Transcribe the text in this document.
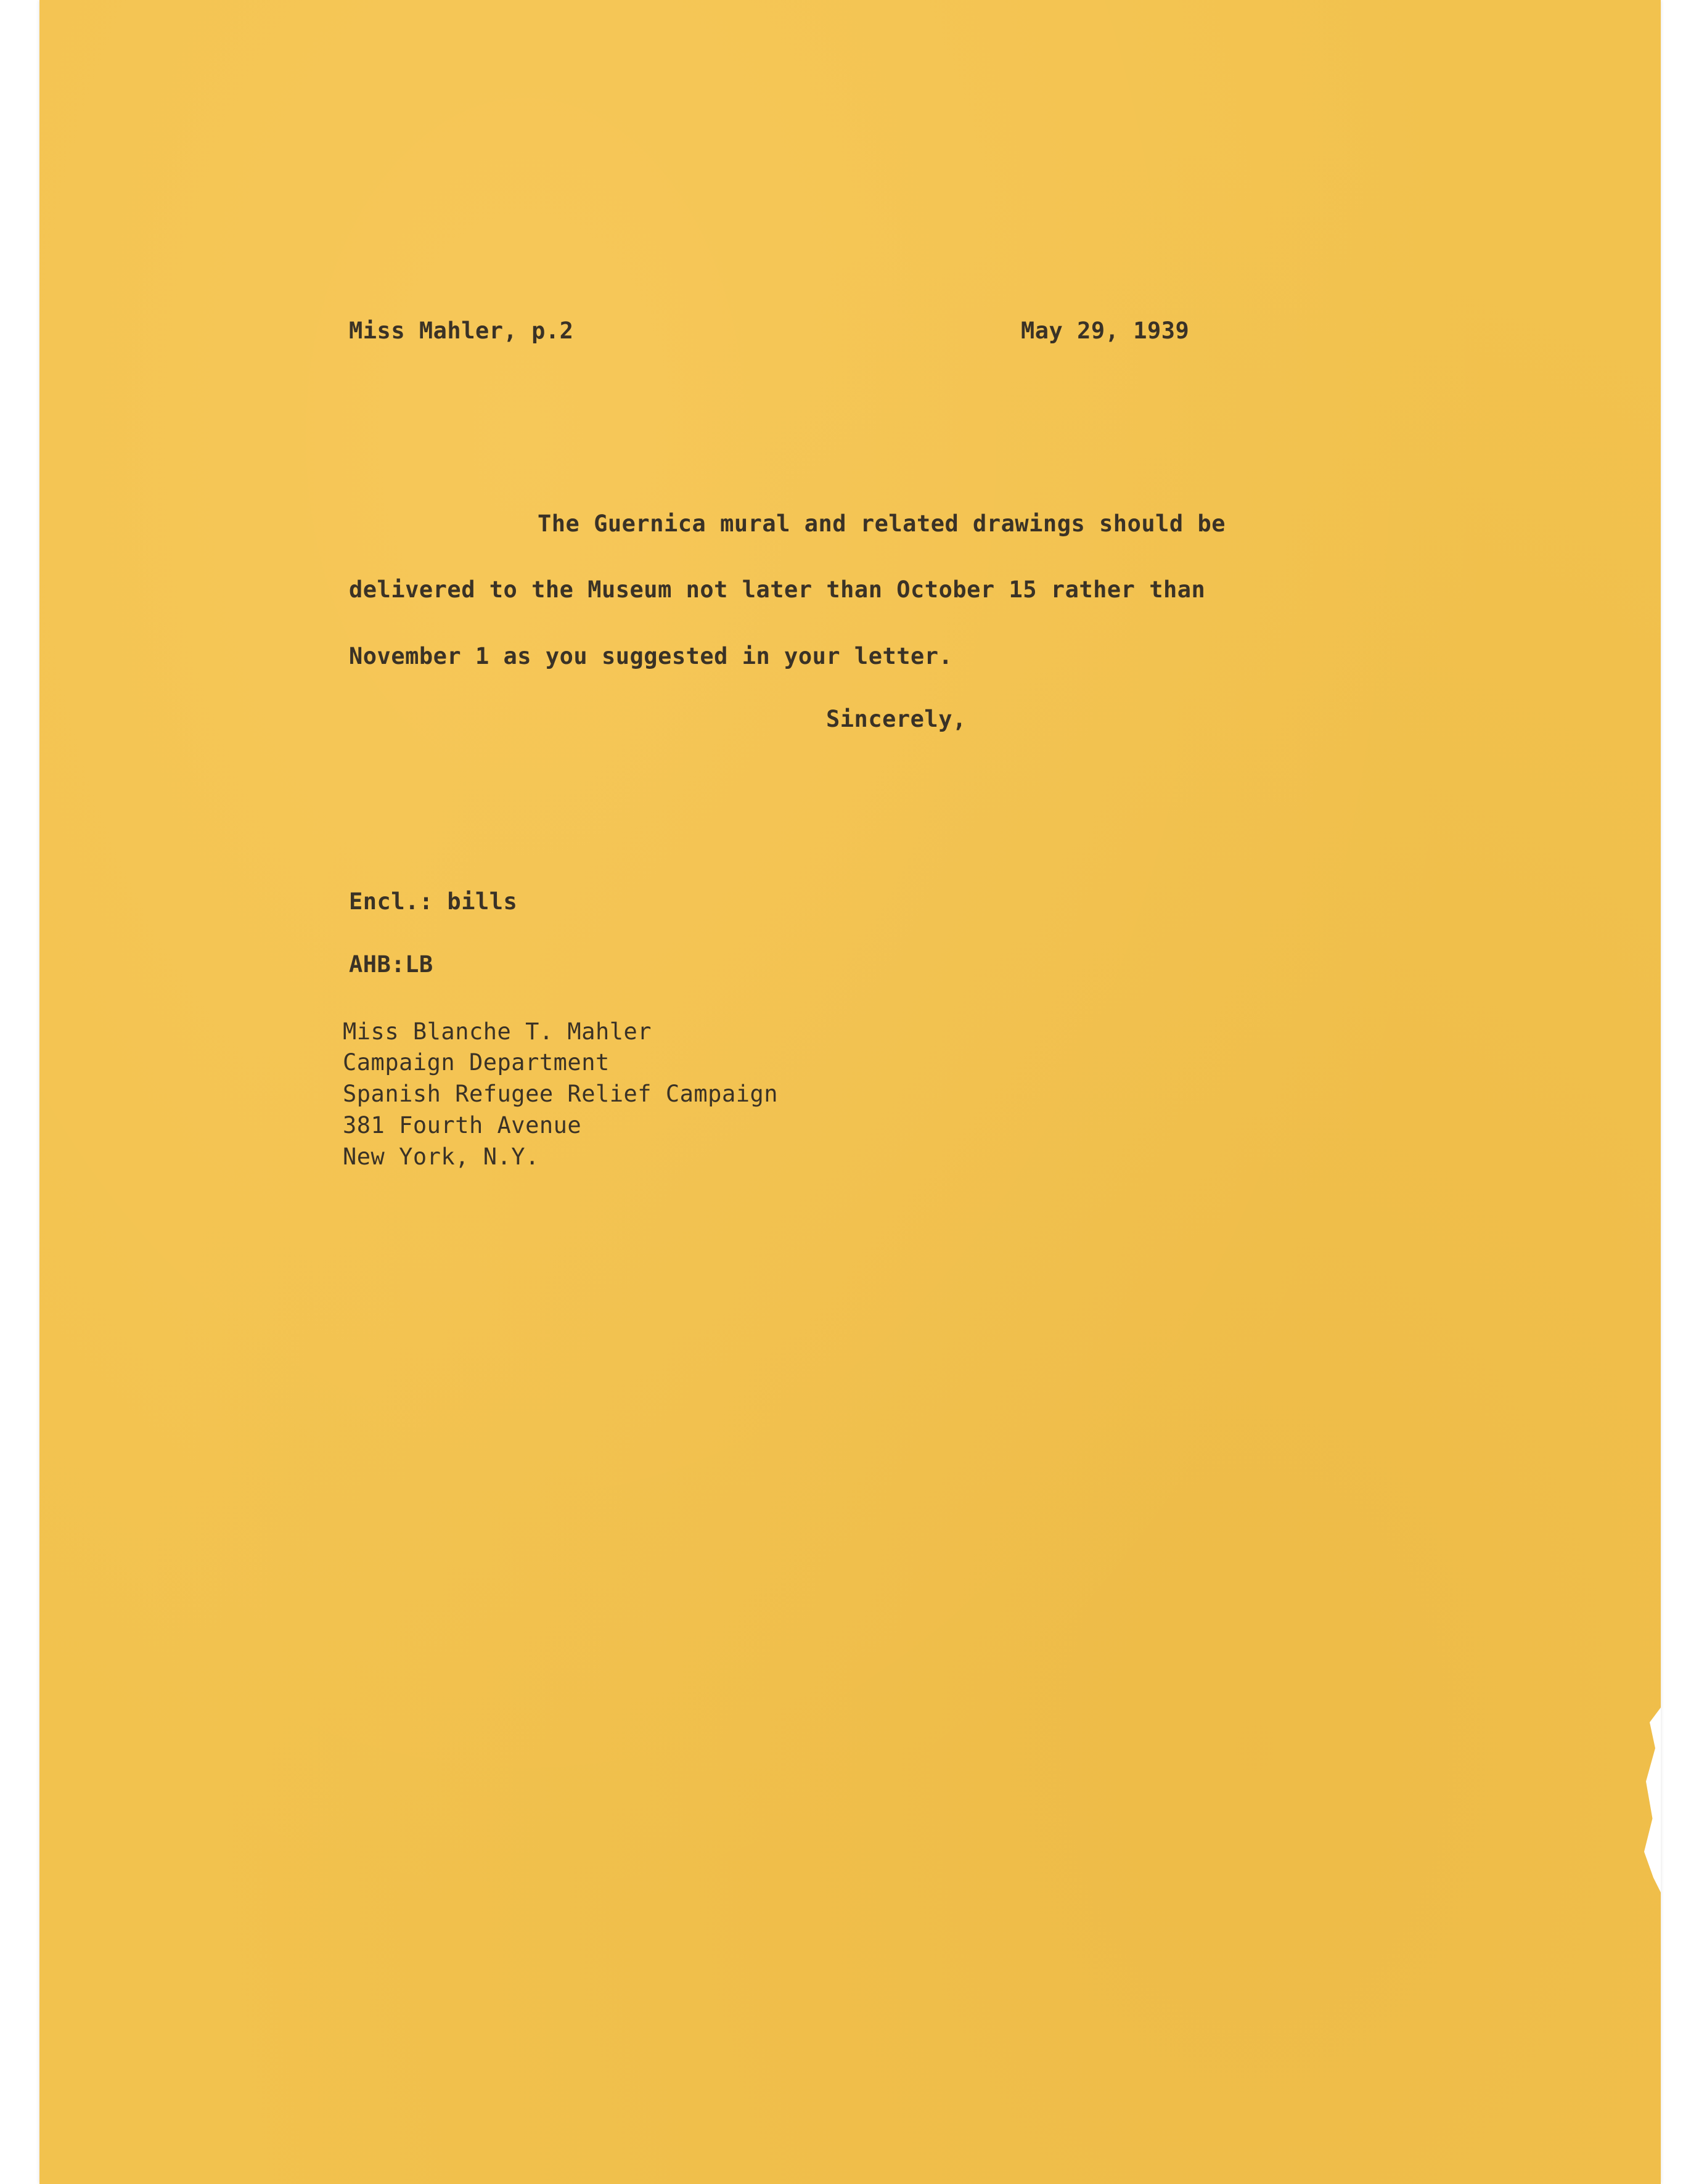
Miss Mahler, p.2	May 29, 1939
The Guernica mural and related drawings should be
delivered to the Museum not later than October 15 rather than
November 1 as you suggested in your letter.
Sincerely,
Encl.: bills
AHB:LB
Miss Blanche T. Mahler
Campaign Department
Spanish Refugee Relief Campaign
381 Fourth Avenue
New York, N.Y.
